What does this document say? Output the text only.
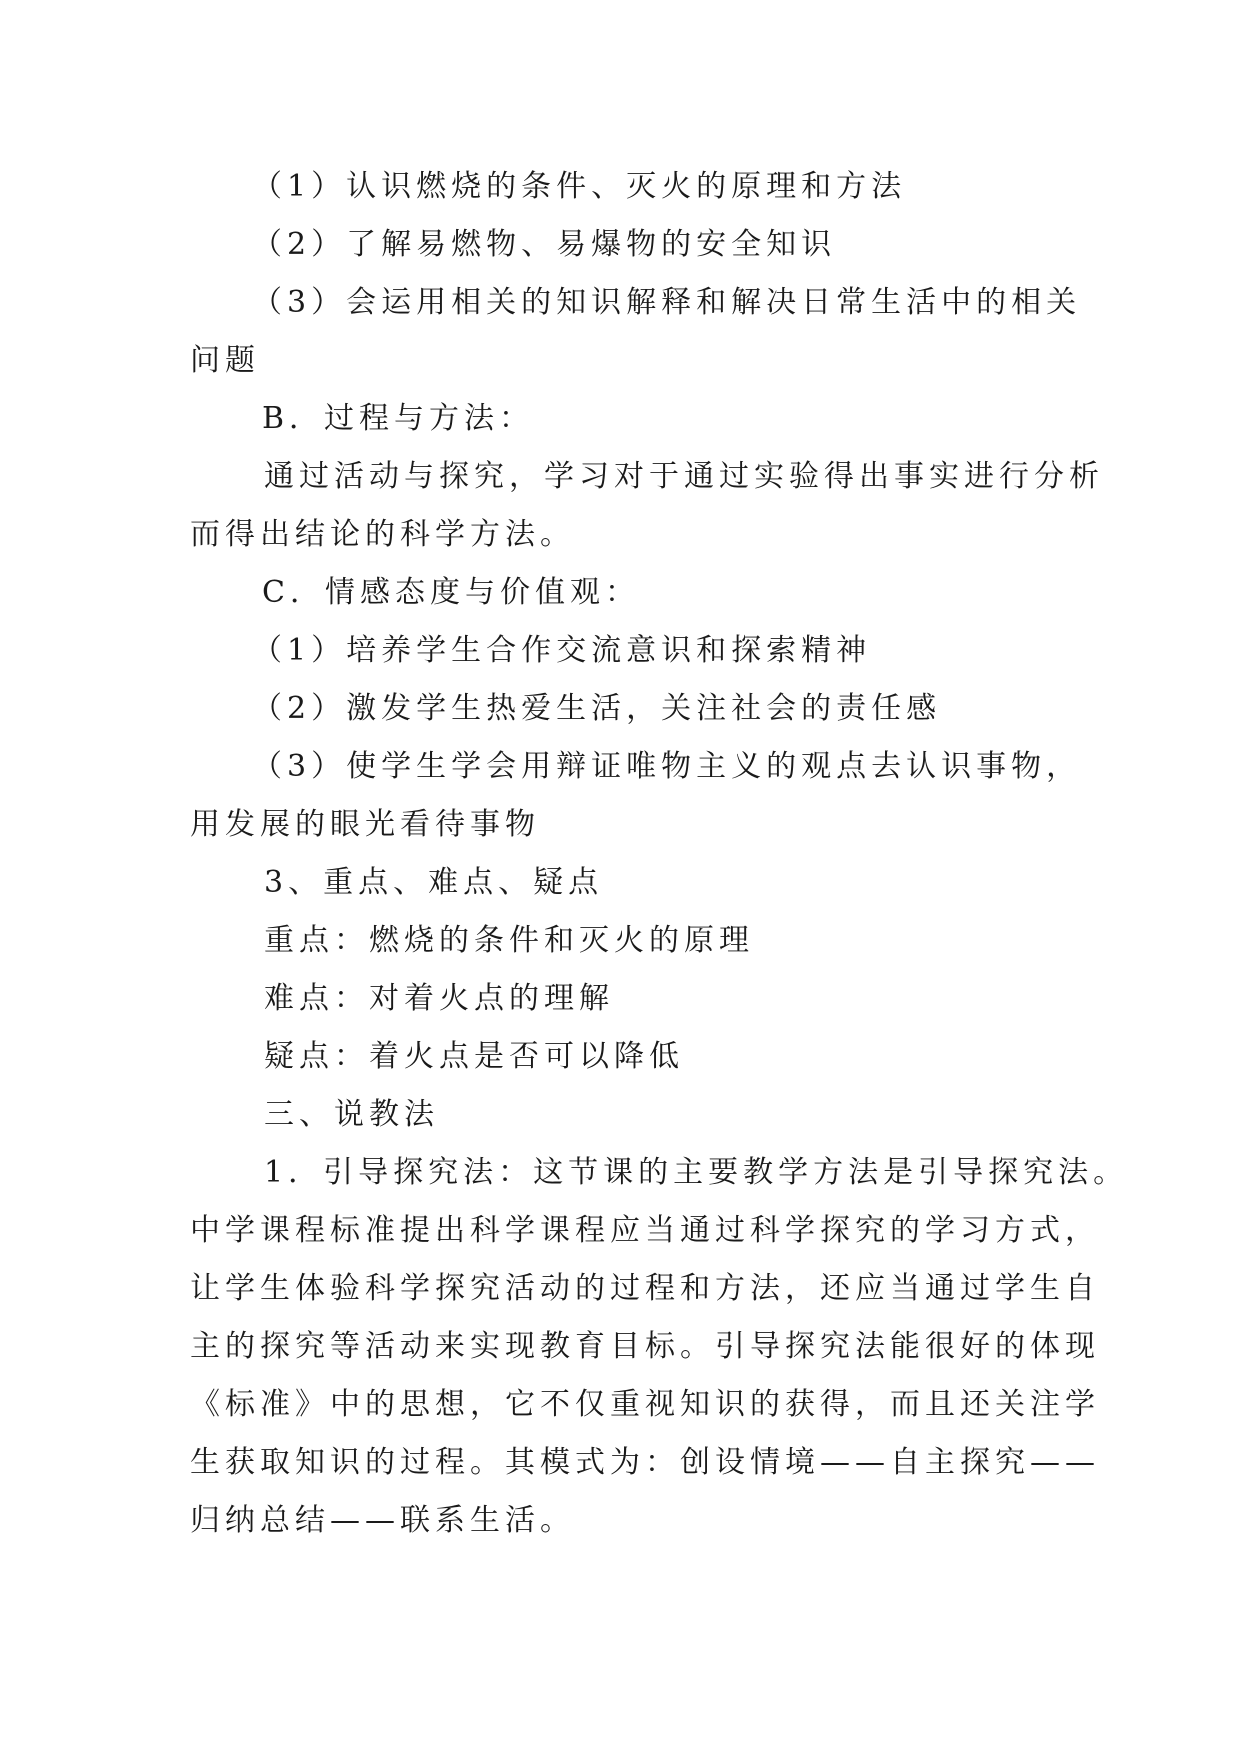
（1）认识燃烧的条件、灭火的原理和方法
（2）了解易燃物、易爆物的安全知识
（3）会运用相关的知识解释和解决日常生活中的相关
问题
B．过程与方法：
通过活动与探究，学习对于通过实验得出事实进行分析
而得出结论的科学方法。
C．情感态度与价值观：
（1）培养学生合作交流意识和探索精神
（2）激发学生热爱生活，关注社会的责任感
（3）使学生学会用辩证唯物主义的观点去认识事物，
用发展的眼光看待事物
3、重点、难点、疑点
重点：燃烧的条件和灭火的原理
难点：对着火点的理解
疑点：着火点是否可以降低
三、说教法
1．引导探究法：这节课的主要教学方法是引导探究法。
中学课程标准提出科学课程应当通过科学探究的学习方式，
让学生体验科学探究活动的过程和方法，还应当通过学生自
主的探究等活动来实现教育目标。引导探究法能很好的体现
《标准》中的思想，它不仅重视知识的获得，而且还关注学
生获取知识的过程。其模式为：创设情境——自主探究——
归纳总结——联系生活。
